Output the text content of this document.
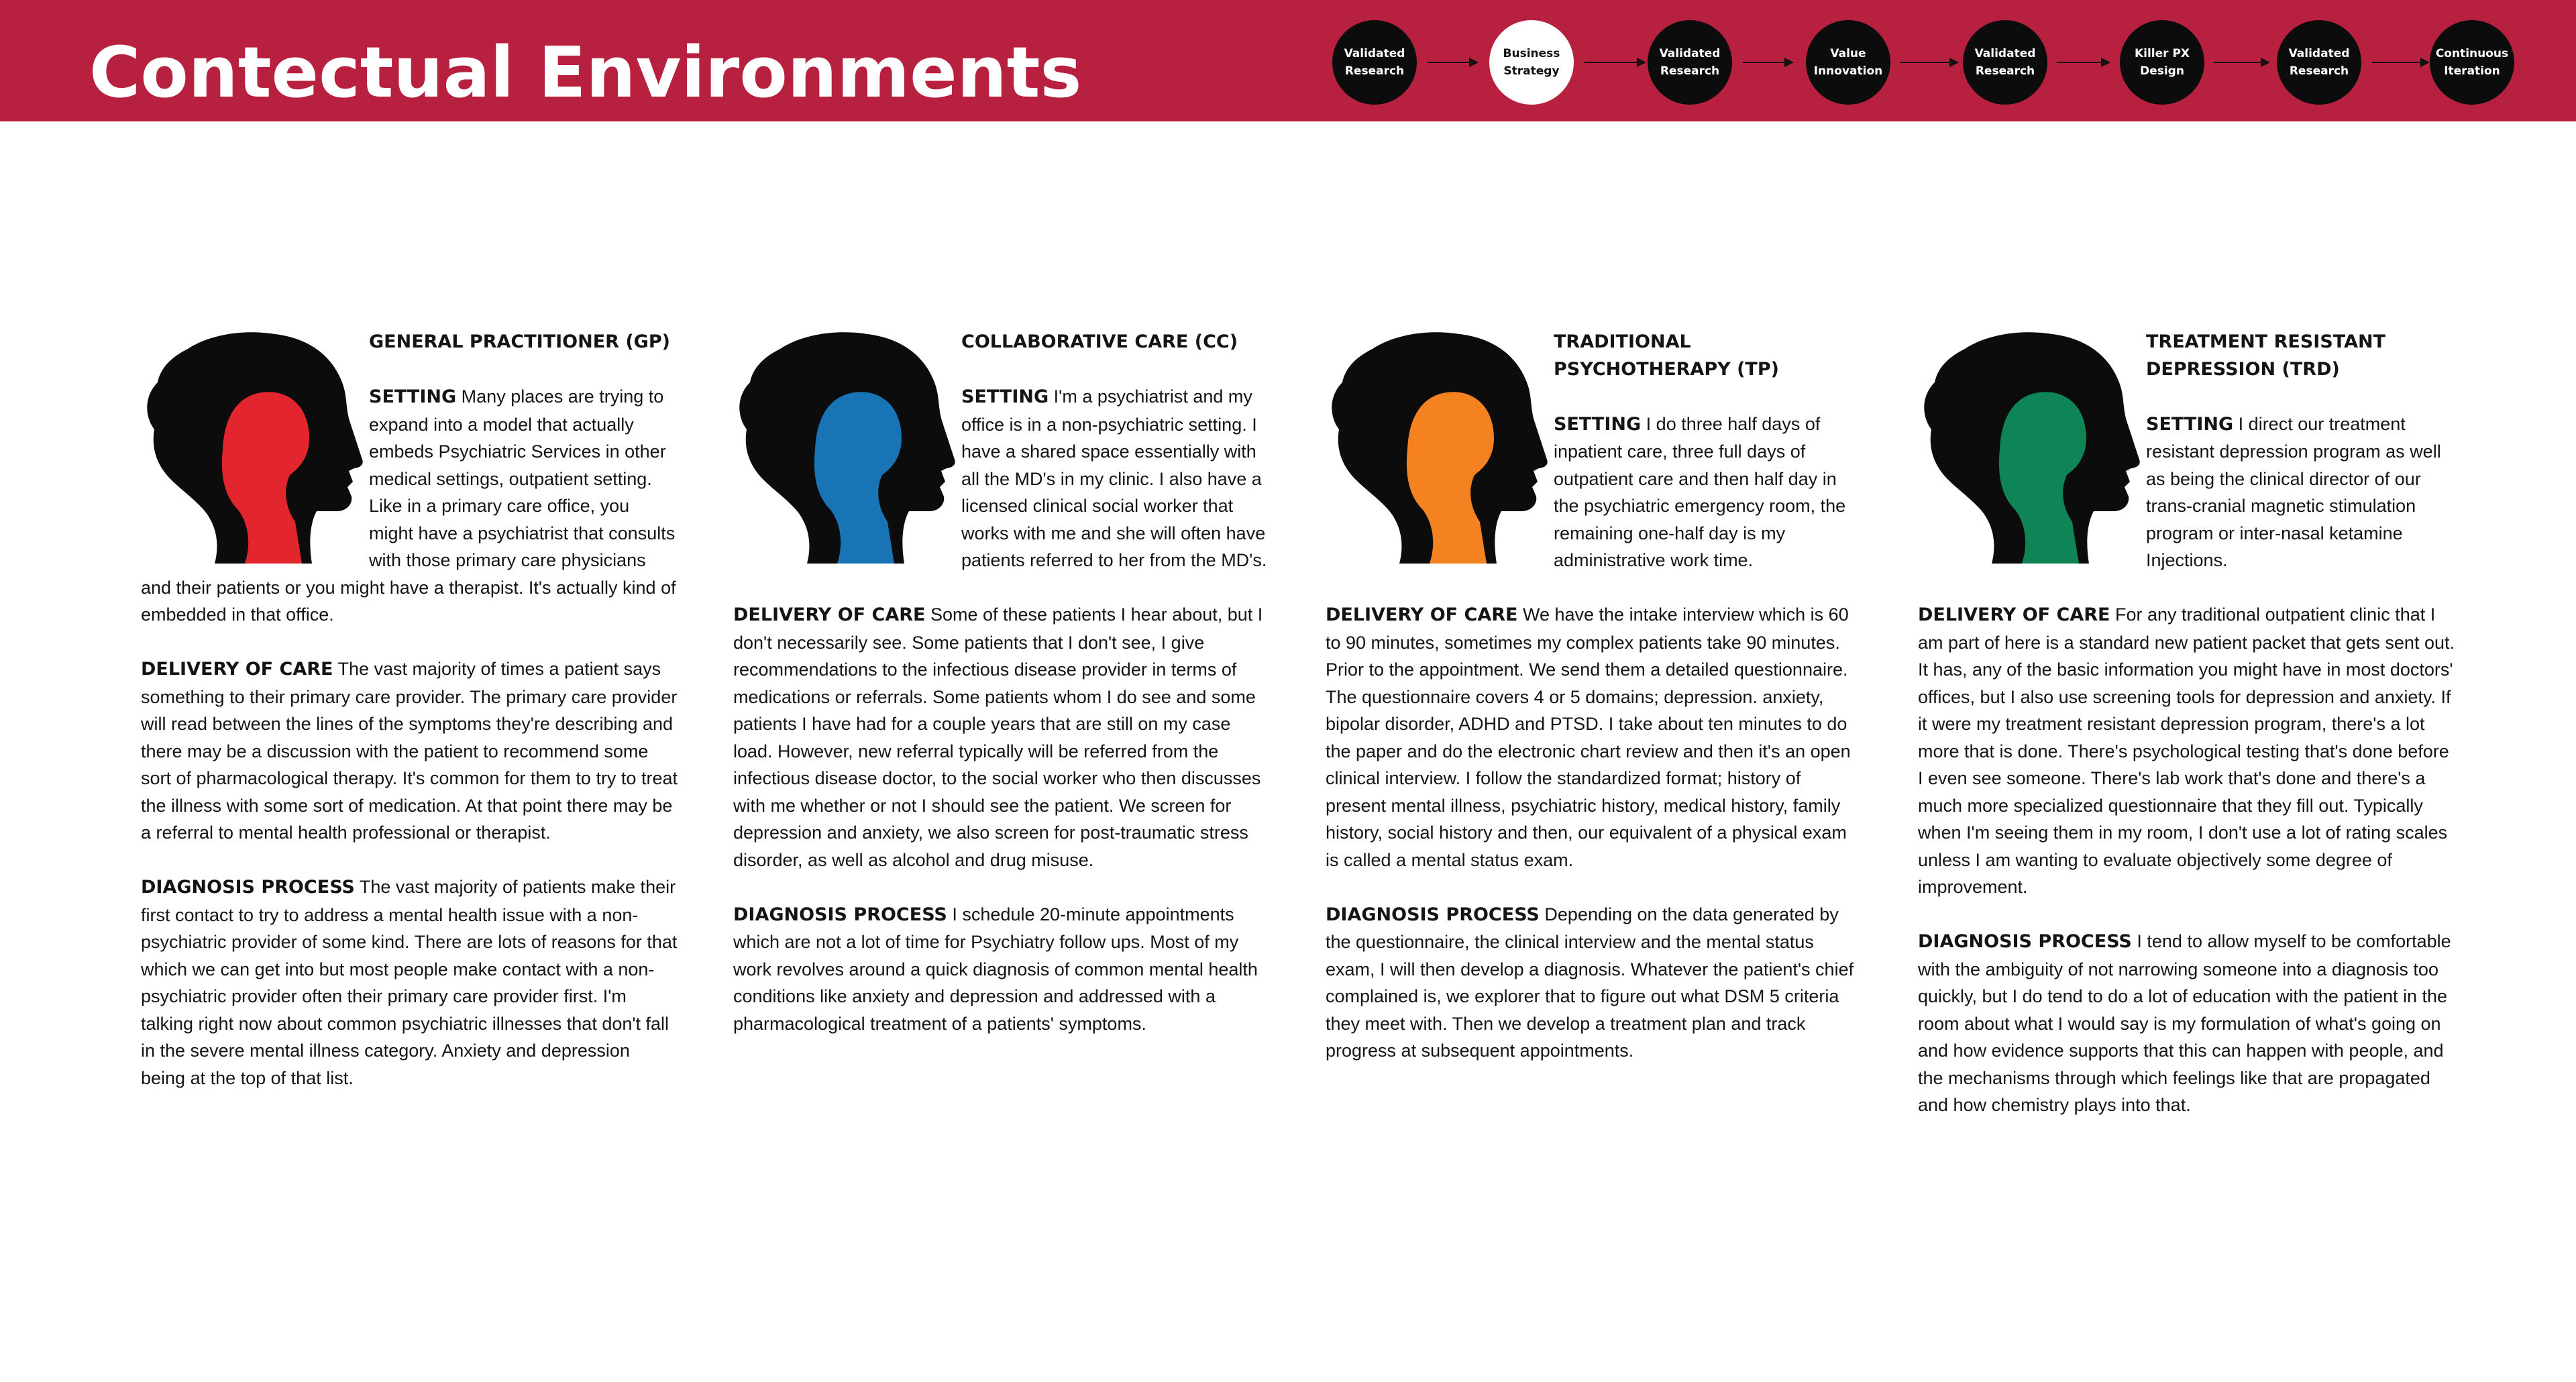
Contectual Environments	Validated Research
Business Strategy
Validated Research
Value Innovation
Validated Research
Killer PX Design
Validated Research
Continuous Iteration

GENERAL PRACTITIONER (GP)

SETTING Many places are trying to expand into a model that actually embeds Psychiatric Services in other medical settings, outpatient setting. Like in a primary care office, you might have a psychiatrist that consults with those primary care physicians and their patients or you might have a therapist. It's actually kind of embedded in that office.

DELIVERY OF CARE The vast majority of times a patient says something to their primary care provider. The primary care provider will read between the lines of the symptoms they're describing and there may be a discussion with the patient to recommend some sort of pharmacological therapy. It's common for them to try to treat the illness with some sort of medication. At that point there may be a referral to mental health professional or therapist.

DIAGNOSIS PROCESS The vast majority of patients make their first contact to try to address a mental health issue with a non-psychiatric provider of some kind. There are lots of reasons for that which we can get into but most people make contact with a non-psychiatric provider often their primary care provider first. I'm talking right now about common psychiatric illnesses that don't fall in the severe mental illness category. Anxiety and depression being at the top of that list.

COLLABORATIVE CARE (CC)

SETTING I'm a psychiatrist and my office is in a non-psychiatric setting. I have a shared space essentially with all the MD's in my clinic. I also have a licensed clinical social worker that works with me and she will often have patients referred to her from the MD's.

DELIVERY OF CARE Some of these patients I hear about, but I don't necessarily see. Some patients that I don't see, I give recommendations to the infectious disease provider in terms of medications or referrals. Some patients whom I do see and some patients I have had for a couple years that are still on my case load. However, new referral typically will be referred from the infectious disease doctor, to the social worker who then discusses with me whether or not I should see the patient. We screen for depression and anxiety, we also screen for post-traumatic stress disorder, as well as alcohol and drug misuse.

DIAGNOSIS PROCESS I schedule 20-minute appointments which are not a lot of time for Psychiatry follow ups. Most of my work revolves around a quick diagnosis of common mental health conditions like anxiety and depression and addressed with a pharmacological treatment of a patients' symptoms.

TRADITIONAL PSYCHOTHERAPY (TP)

SETTING I do three half days of inpatient care, three full days of outpatient care and then half day in the psychiatric emergency room, the remaining one-half day is my administrative work time.

DELIVERY OF CARE We have the intake interview which is 60 to 90 minutes, sometimes my complex patients take 90 minutes. Prior to the appointment. We send them a detailed questionnaire. The questionnaire covers 4 or 5 domains; depression. anxiety, bipolar disorder, ADHD and PTSD. I take about ten minutes to do the paper and do the electronic chart review and then it's an open clinical interview. I follow the standardized format; history of present mental illness, psychiatric history, medical history, family history, social history and then, our equivalent of a physical exam is called a mental status exam.

DIAGNOSIS PROCESS Depending on the data generated by the questionnaire, the clinical interview and the mental status exam, I will then develop a diagnosis. Whatever the patient's chief complained is, we explorer that to figure out what DSM 5 criteria they meet with. Then we develop a treatment plan and track progress at subsequent appointments.

TREATMENT RESISTANT DEPRESSION (TRD)

SETTING I direct our treatment resistant depression program as well as being the clinical director of our trans-cranial magnetic stimulation program or inter-nasal ketamine Injections.

DELIVERY OF CARE For any traditional outpatient clinic that I am part of here is a standard new patient packet that gets sent out. It has, any of the basic information you might have in most doctors' offices, but I also use screening tools for depression and anxiety. If it were my treatment resistant depression program, there's a lot more that is done. There's psychological testing that's done before I even see someone. There's lab work that's done and there's a much more specialized questionnaire that they fill out. Typically when I'm seeing them in my room, I don't use a lot of rating scales unless I am wanting to evaluate objectively some degree of improvement.

DIAGNOSIS PROCESS I tend to allow myself to be comfortable with the ambiguity of not narrowing someone into a diagnosis too quickly, but I do tend to do a lot of education with the patient in the room about what I would say is my formulation of what's going on and how evidence supports that this can happen with people, and the mechanisms through which feelings like that are propagated and how chemistry plays into that.
